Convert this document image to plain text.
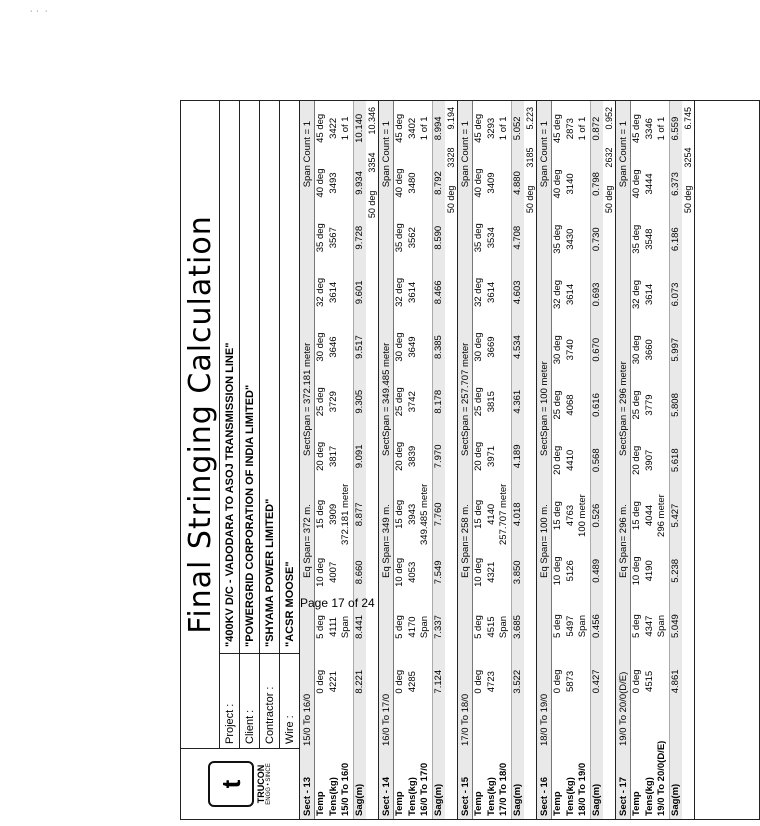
˙ ˙  ˙
t	TRUCON ENGG • SINCE
Final Stringing Calculation
Project :
"400KV D/C - VADODARA TO ASOJ TRANSMISSION LINE"
Client :
"POWERGRID CORPORATION OF INDIA LIMITED"
Contractor :
"SHYAMA POWER LIMITED"
Wire :
"ACSR MOOSE"
Sect - 13
15/0 To 16/0
Eq Span= 372 m.
SectSpan = 372.181 meter
Span Count = 1
Temp
0 deg
5 deg
10 deg
15 deg
20 deg
25 deg
30 deg
32 deg
35 deg
40 deg
45 deg
Tens(kg)
4221
4111
4007
3909
3817
3729
3646
3614
3567
3493
3422
15/0 To 16/0
Span
372.181 meter
1 of 1
Sag(m)
8.221
8.441
8.660
8.877
9.091
9.305
9.517
9.601
9.728
9.934
10.140
50 deg
3354
10.346
Sect - 14
16/0 To 17/0
Eq Span= 349 m.
SectSpan = 349.485 meter
Span Count = 1
Temp
0 deg
5 deg
10 deg
15 deg
20 deg
25 deg
30 deg
32 deg
35 deg
40 deg
45 deg
Tens(kg)
4285
4170
4053
3943
3839
3742
3649
3614
3562
3480
3402
16/0 To 17/0
Span
349.485 meter
1 of 1
Sag(m)
7.124
7.337
7.549
7.760
7.970
8.178
8.385
8.466
8.590
8.792
8.994
50 deg
3328
9.194
Sect - 15
17/0 To 18/0
Eq Span= 258 m.
SectSpan = 257.707 meter
Span Count = 1
Temp
0 deg
5 deg
10 deg
15 deg
20 deg
25 deg
30 deg
32 deg
35 deg
40 deg
45 deg
Tens(kg)
4723
4515
4321
4140
3971
3815
3669
3614
3534
3409
3293
17/0 To 18/0
Span
257.707 meter
1 of 1
Sag(m)
3.522
3.685
3.850
4.018
4.189
4.361
4.534
4.603
4.708
4.880
5.052
50 deg
3185
5.223
Sect - 16
18/0 To 19/0
Eq Span= 100 m.
SectSpan = 100 meter
Span Count = 1
Temp
0 deg
5 deg
10 deg
15 deg
20 deg
25 deg
30 deg
32 deg
35 deg
40 deg
45 deg
Tens(kg)
5873
5497
5126
4763
4410
4068
3740
3614
3430
3140
2873
18/0 To 19/0
Span
100 meter
1 of 1
Sag(m)
0.427
0.456
0.489
0.526
0.568
0.616
0.670
0.693
0.730
0.798
0.872
50 deg
2632
0.952
Sect - 17
19/0 To 20/0(D/E)
Eq Span= 296 m.
SectSpan = 296 meter
Span Count = 1
Temp
0 deg
5 deg
10 deg
15 deg
20 deg
25 deg
30 deg
32 deg
35 deg
40 deg
45 deg
Tens(kg)
4515
4347
4190
4044
3907
3779
3660
3614
3548
3444
3346
19/0 To 20/0(D/E)
Span
296 meter
1 of 1
Sag(m)
4.861
5.049
5.238
5.427
5.618
5.808
5.997
6.073
6.186
6.373
6.559
50 deg
3254
6.745
Page 17 of 24
